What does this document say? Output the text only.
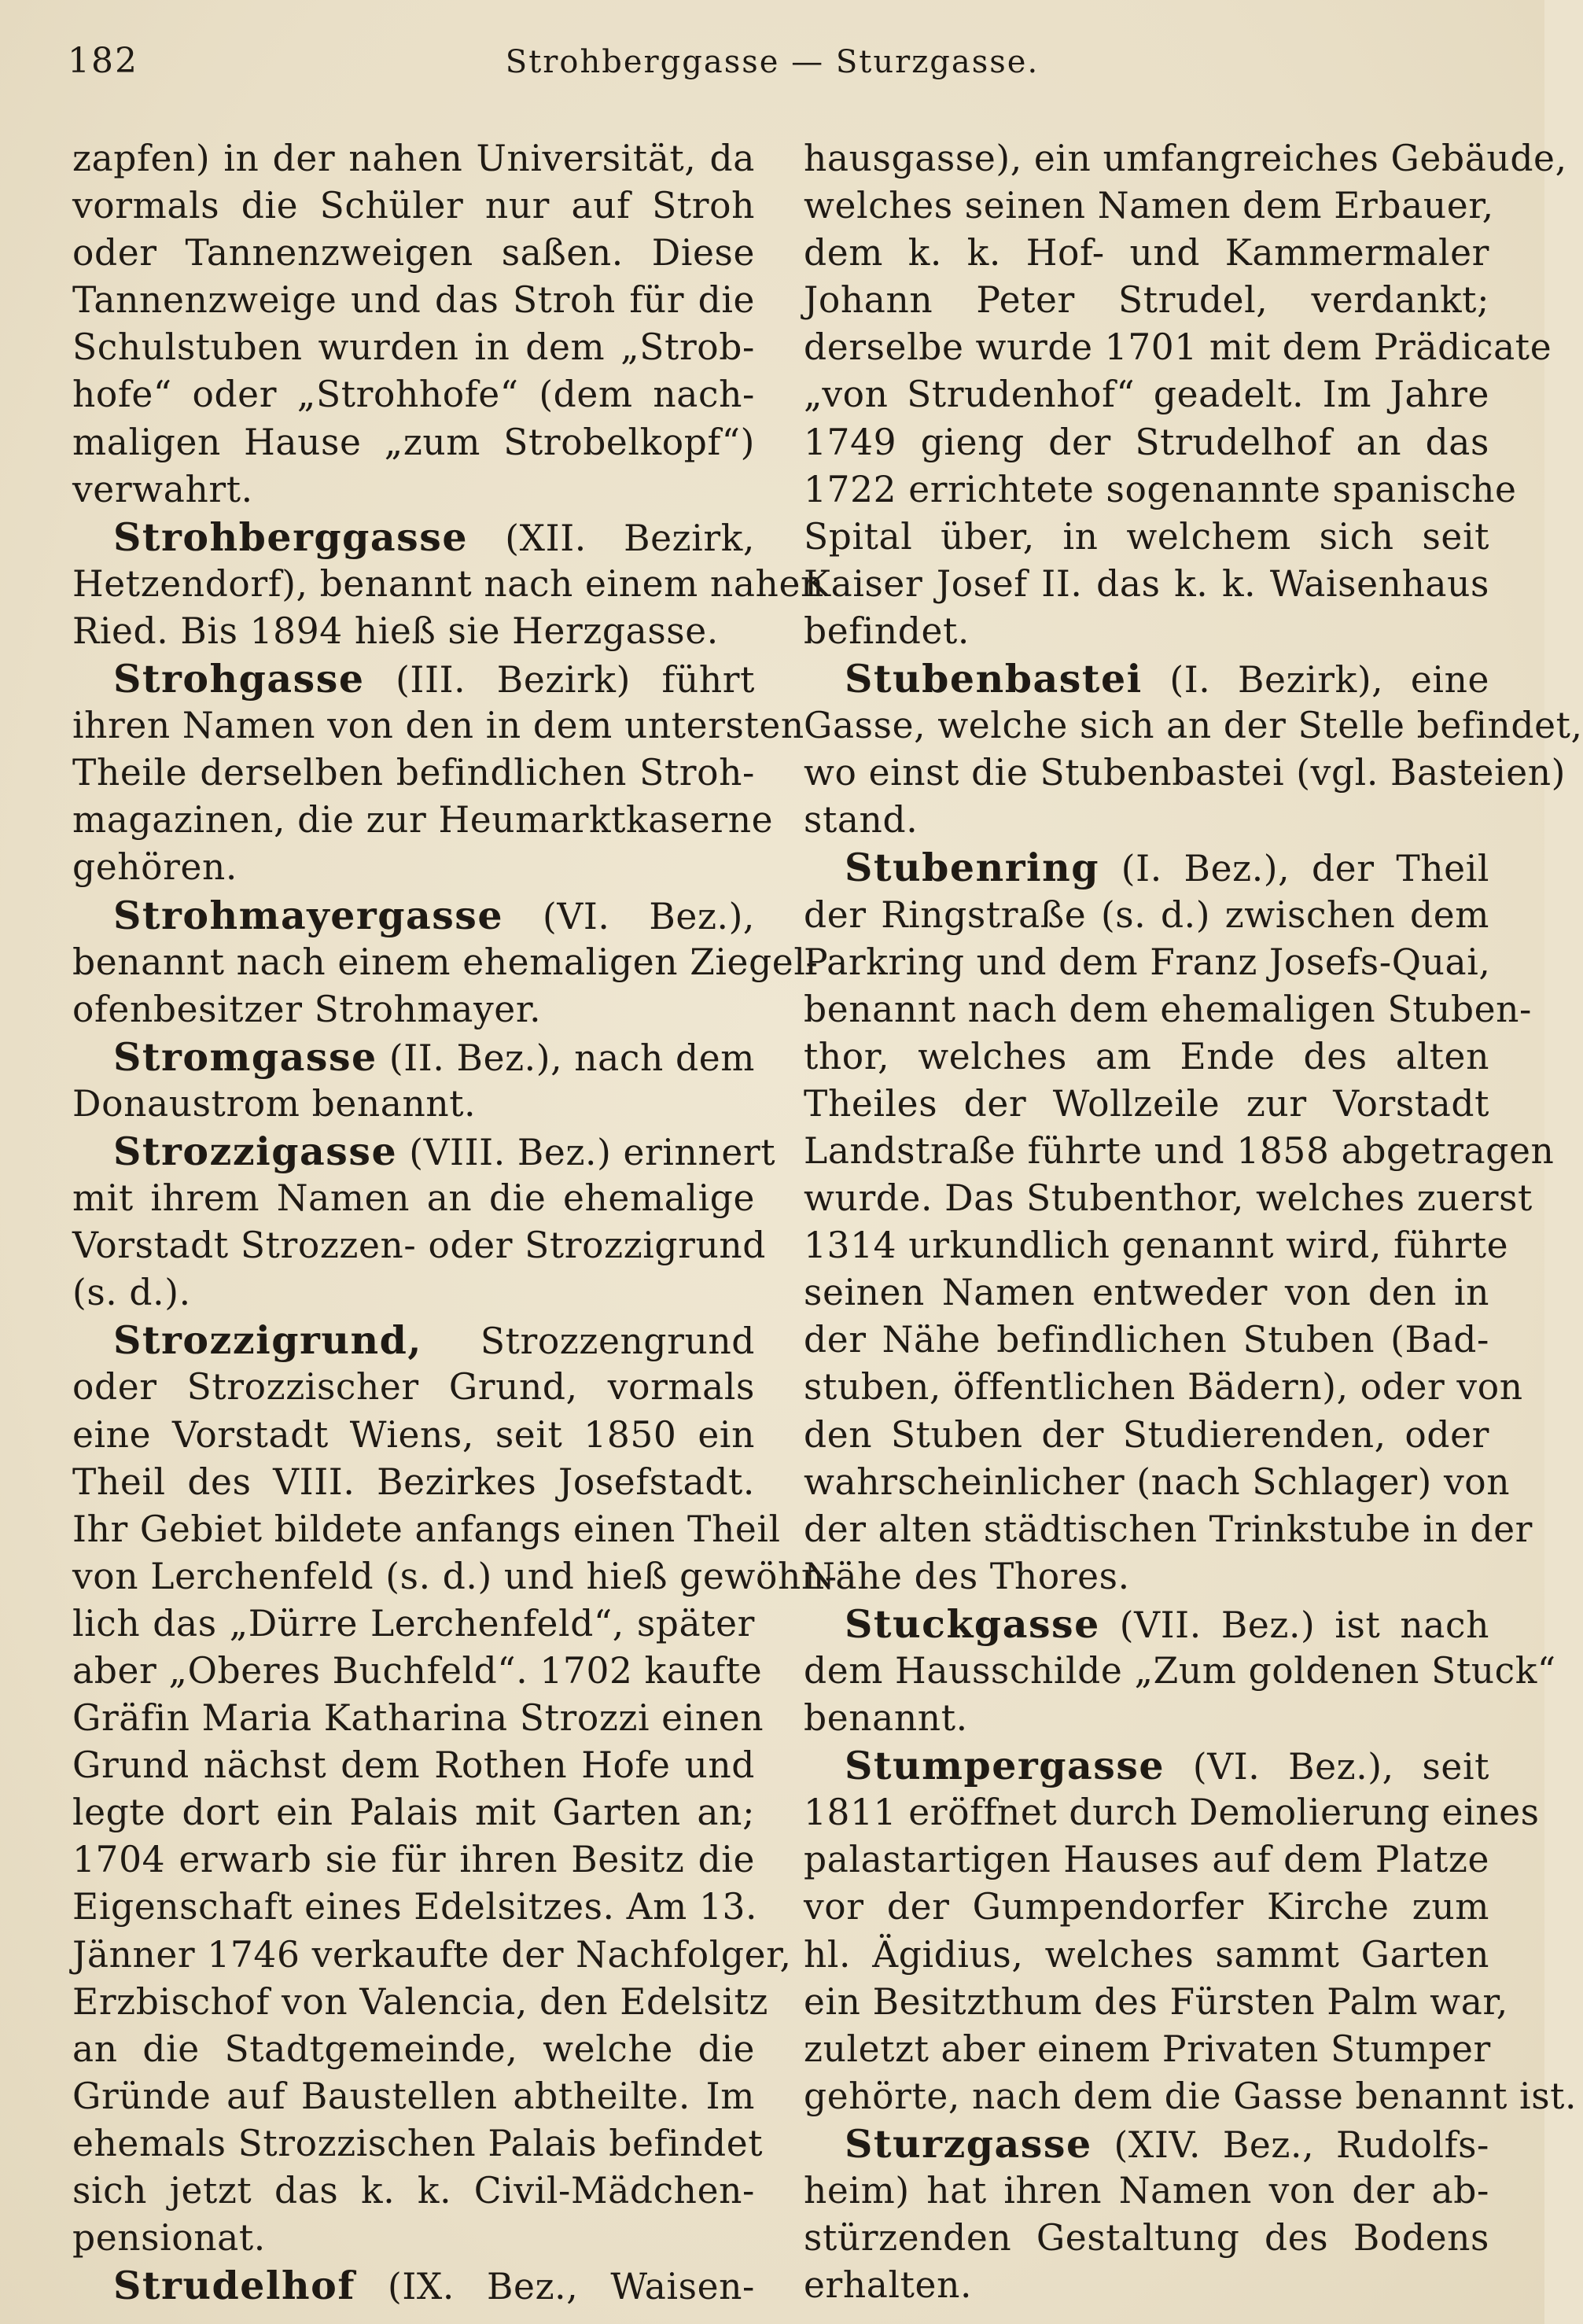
182	Strohberggasse — Sturzgasse.
zapfen) in der nahen Universität, da
vormals die Schüler nur auf Stroh
oder Tannenzweigen saßen. Diese
Tannenzweige und das Stroh für die
Schulstuben wurden in dem „Strob-
hofe“ oder „Strohhofe“ (dem nach-
maligen Hause „zum Strobelkopf“)
verwahrt.
Strohberggasse (XII. Bezirk,
Hetzendorf), benannt nach einem nahen
Ried. Bis 1894 hieß sie Herzgasse.
Strohgasse (III. Bezirk) führt
ihren Namen von den in dem untersten
Theile derselben befindlichen Stroh-
magazinen, die zur Heumarktkaserne
gehören.
Strohmayergasse (VI. Bez.),
benannt nach einem ehemaligen Ziegel-
ofenbesitzer Strohmayer.
Stromgasse (II. Bez.), nach dem
Donaustrom benannt.
Strozzigasse (VIII. Bez.) erinnert
mit ihrem Namen an die ehemalige
Vorstadt Strozzen- oder Strozzigrund
(s. d.).
Strozzigrund, Strozzengrund
oder Strozzischer Grund, vormals
eine Vorstadt Wiens, seit 1850 ein
Theil des VIII. Bezirkes Josefstadt.
Ihr Gebiet bildete anfangs einen Theil
von Lerchenfeld (s. d.) und hieß gewöhn-
lich das „Dürre Lerchenfeld“, später
aber „Oberes Buchfeld“. 1702 kaufte
Gräfin Maria Katharina Strozzi einen
Grund nächst dem Rothen Hofe und
legte dort ein Palais mit Garten an;
1704 erwarb sie für ihren Besitz die
Eigenschaft eines Edelsitzes. Am 13.
Jänner 1746 verkaufte der Nachfolger,
Erzbischof von Valencia, den Edelsitz
an die Stadtgemeinde, welche die
Gründe auf Baustellen abtheilte. Im
ehemals Strozzischen Palais befindet
sich jetzt das k. k. Civil-Mädchen-
pensionat.
Strudelhof (IX. Bez., Waisen-
hausgasse), ein umfangreiches Gebäude,
welches seinen Namen dem Erbauer,
dem k. k. Hof- und Kammermaler
Johann Peter Strudel, verdankt;
derselbe wurde 1701 mit dem Prädicate
„von Strudenhof“ geadelt. Im Jahre
1749 gieng der Strudelhof an das
1722 errichtete sogenannte spanische
Spital über, in welchem sich seit
Kaiser Josef II. das k. k. Waisenhaus
befindet.
Stubenbastei (I. Bezirk), eine
Gasse, welche sich an der Stelle befindet,
wo einst die Stubenbastei (vgl. Basteien)
stand.
Stubenring (I. Bez.), der Theil
der Ringstraße (s. d.) zwischen dem
Parkring und dem Franz Josefs-Quai,
benannt nach dem ehemaligen Stuben-
thor, welches am Ende des alten
Theiles der Wollzeile zur Vorstadt
Landstraße führte und 1858 abgetragen
wurde. Das Stubenthor, welches zuerst
1314 urkundlich genannt wird, führte
seinen Namen entweder von den in
der Nähe befindlichen Stuben (Bad-
stuben, öffentlichen Bädern), oder von
den Stuben der Studierenden, oder
wahrscheinlicher (nach Schlager) von
der alten städtischen Trinkstube in der
Nähe des Thores.
Stuckgasse (VII. Bez.) ist nach
dem Hausschilde „Zum goldenen Stuck“
benannt.
Stumpergasse (VI. Bez.), seit
1811 eröffnet durch Demolierung eines
palastartigen Hauses auf dem Platze
vor der Gumpendorfer Kirche zum
hl. Ägidius, welches sammt Garten
ein Besitzthum des Fürsten Palm war,
zuletzt aber einem Privaten Stumper
gehörte, nach dem die Gasse benannt ist.
Sturzgasse (XIV. Bez., Rudolfs-
heim) hat ihren Namen von der ab-
stürzenden Gestaltung des Bodens
erhalten.
